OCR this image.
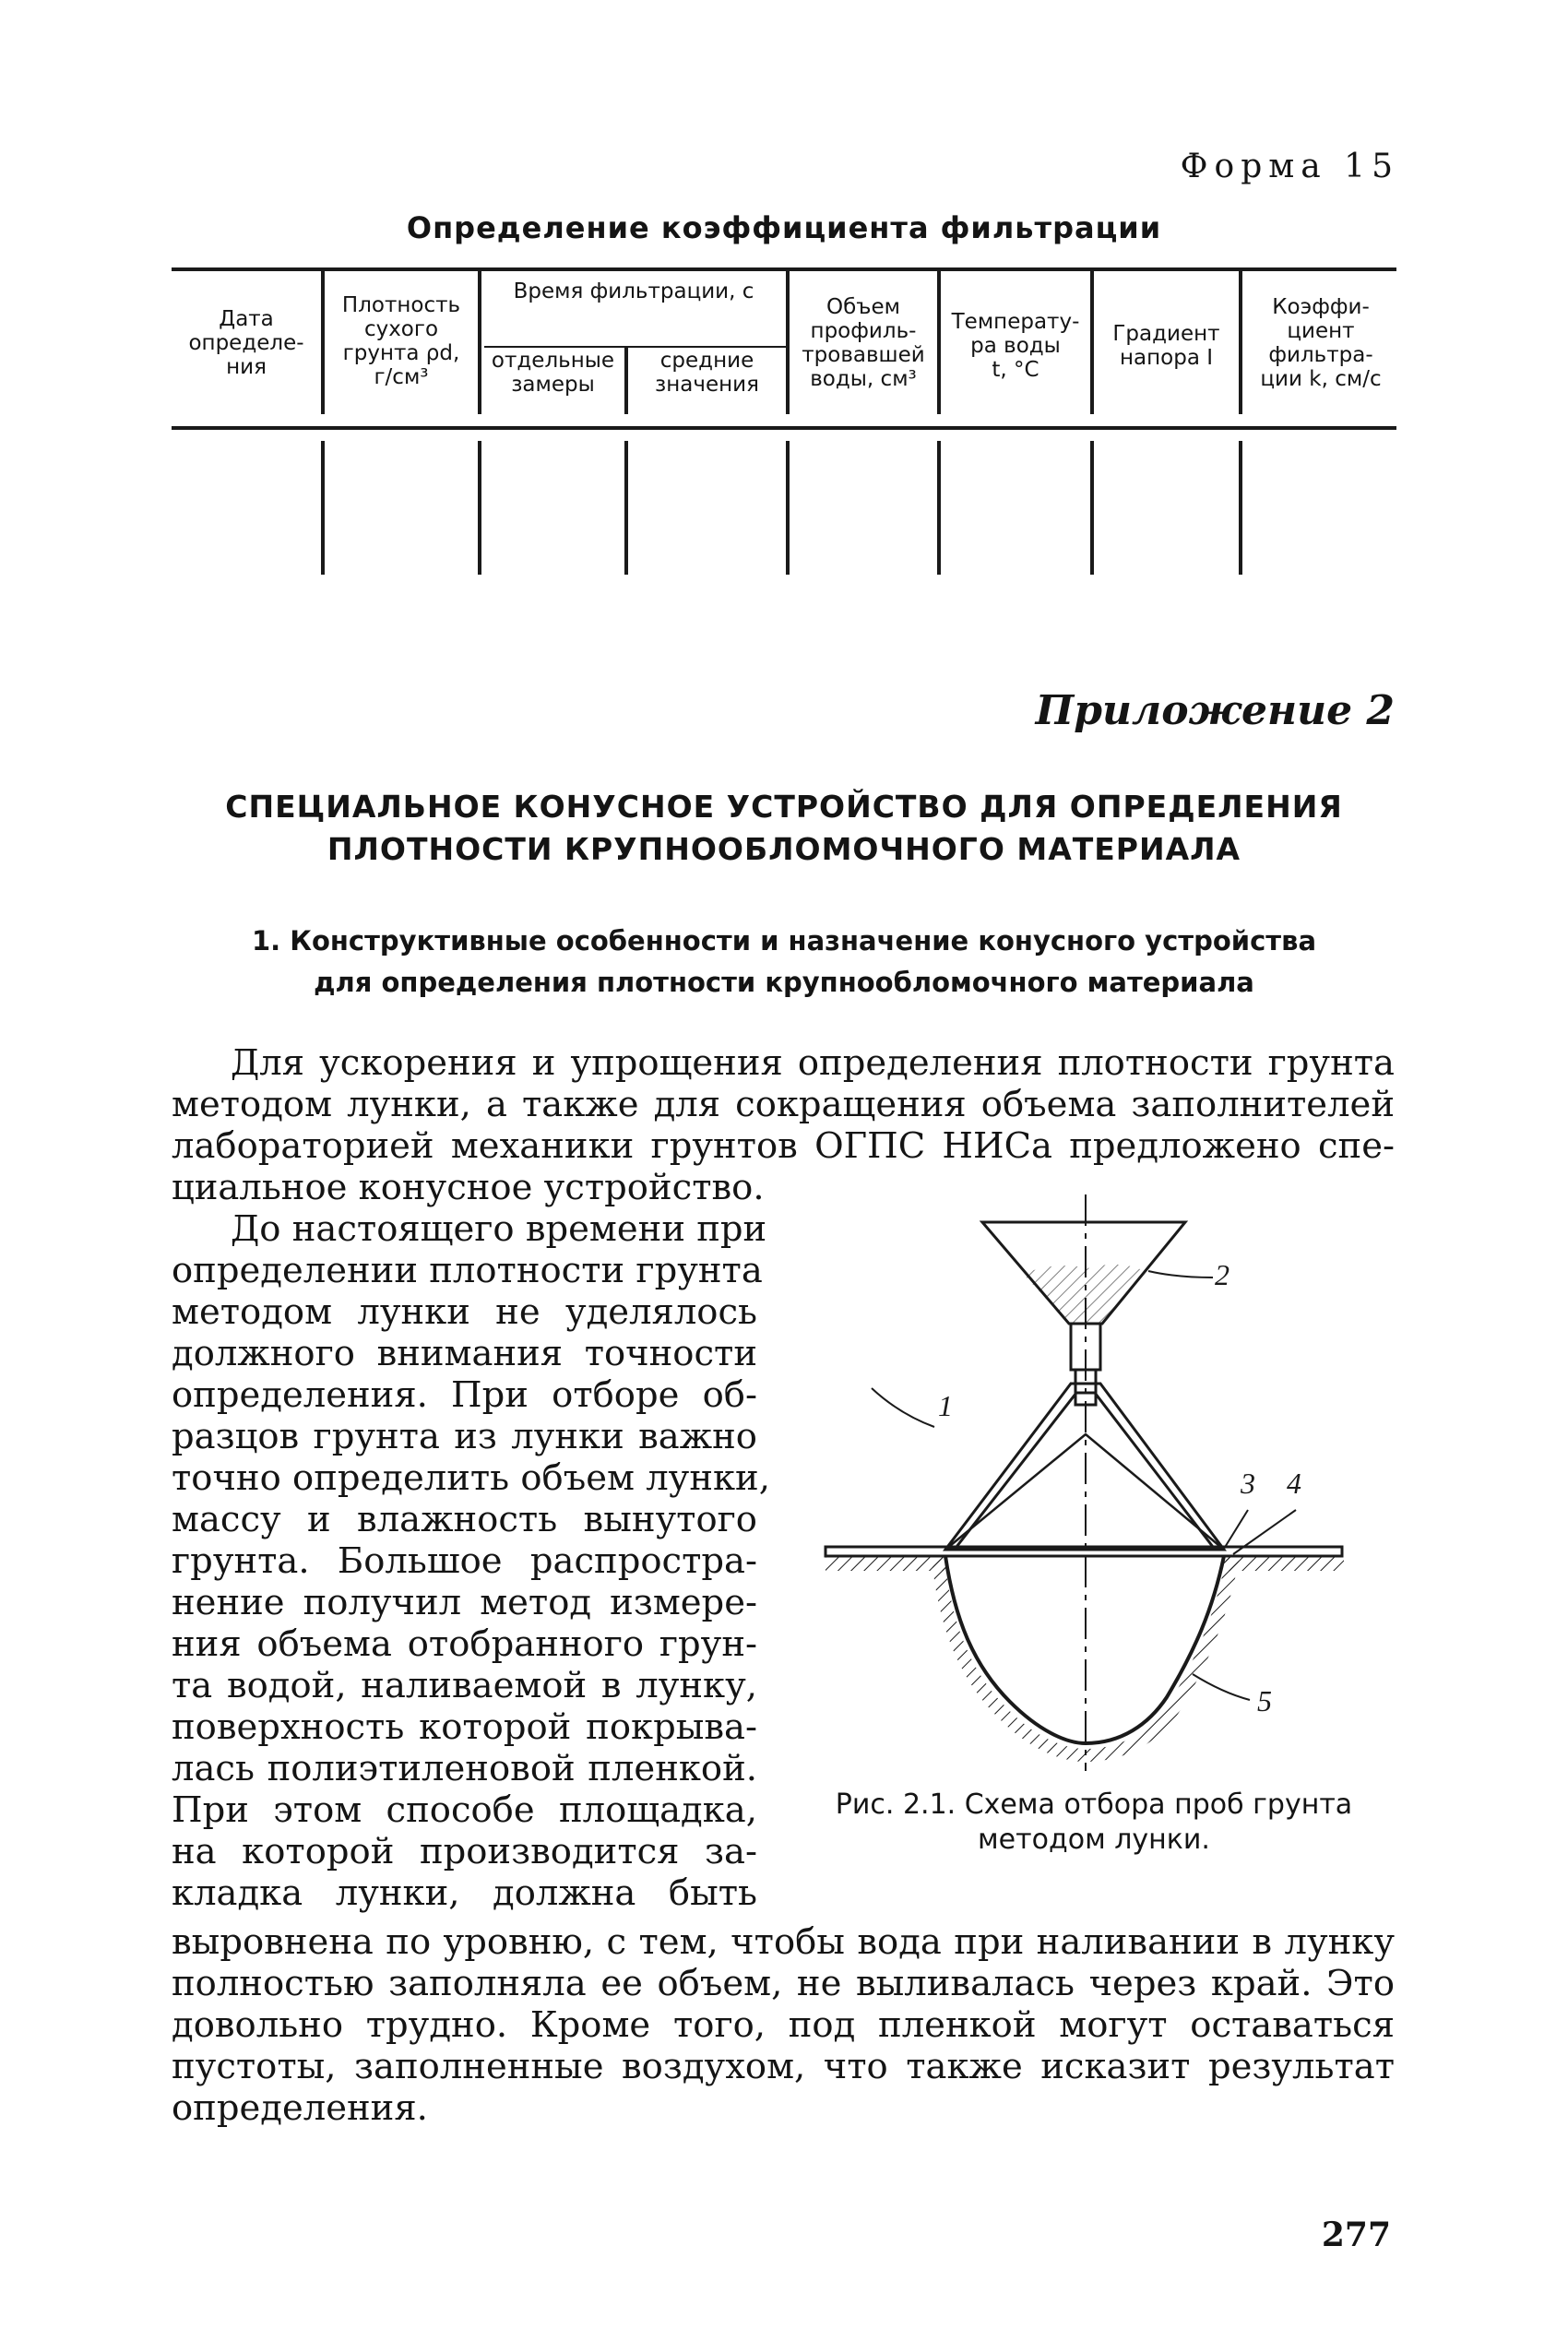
Форма 15
Определение коэффициента фильтрации
Дата
определе-
ния
Плотность
сухого
грунта ρd,
г/см³
Время фильтрации, с
отдельные
замеры
средние
значения
Объем
профиль-
тровавшей
воды, см³
Температу-
ра воды
t, °С
Градиент
напора I
Коэффи-
циент
фильтра-
ции k, см/с
Приложение 2
СПЕЦИАЛЬНОЕ КОНУСНОЕ УСТРОЙСТВО ДЛЯ ОПРЕДЕЛЕНИЯ
ПЛОТНОСТИ КРУПНООБЛОМОЧНОГО МАТЕРИАЛА
1. Конструктивные особенности и назначение конусного устройства
для определения плотности крупнообломочного материала
Для ускорения и упрощения определения плотности грунта
методом лунки, а также для сокращения объема заполнителей
лабораторией механики грунтов ОГПС НИСа предложено спе-
циальное конусное устройство.
До настоящего времени при
определении плотности грунта
методом лунки не уделялось
должного внимания точности
определения. При отборе об-
разцов грунта из лунки важно
точно определить объем лунки,
массу и влажность вынутого
грунта. Большое распростра-
нение получил метод измере-
ния объема отобранного грун-
та водой, наливаемой в лунку,
поверхность которой покрыва-
лась полиэтиленовой пленкой.
При этом способе площадка,
на которой производится за-
кладка лунки, должна быть
1
2
3 4
5
Рис. 2.1. Схема отбора проб грунта
методом лунки.
выровнена по уровню, с тем, чтобы вода при наливании в лунку
полностью заполняла ее объем, не выливалась через край. Это
довольно трудно. Кроме того, под пленкой могут оставаться
пустоты, заполненные воздухом, что также исказит результат
определения.
277
